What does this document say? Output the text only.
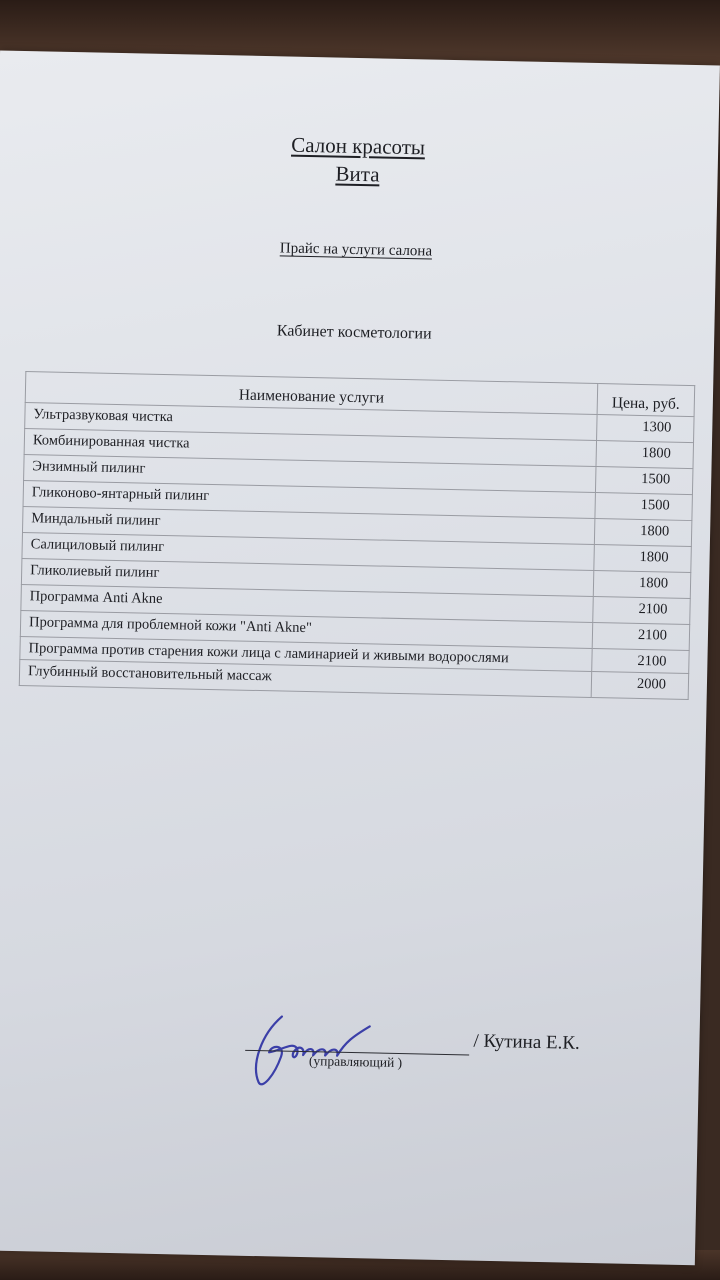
Салон красоты
Вита
Прайс на услуги салона
Кабинет косметологии
Наименование услуги	Цена, руб.
Ультразвуковая чистка	1300
Комбинированная чистка	1800
Энзимный пилинг	1500
Гликоново-янтарный пилинг	1500
Миндальный пилинг	1800
Салициловый пилинг	1800
Гликолиевый пилинг	1800
Программа Anti Akne	2100
Программа для проблемной кожи "Anti Akne"	2100
Программа против старения кожи лица с ламинарией и живыми водорослями	2100
Глубинный восстановительный массаж	2000
/ Кутина Е.К.
(управляющий )
